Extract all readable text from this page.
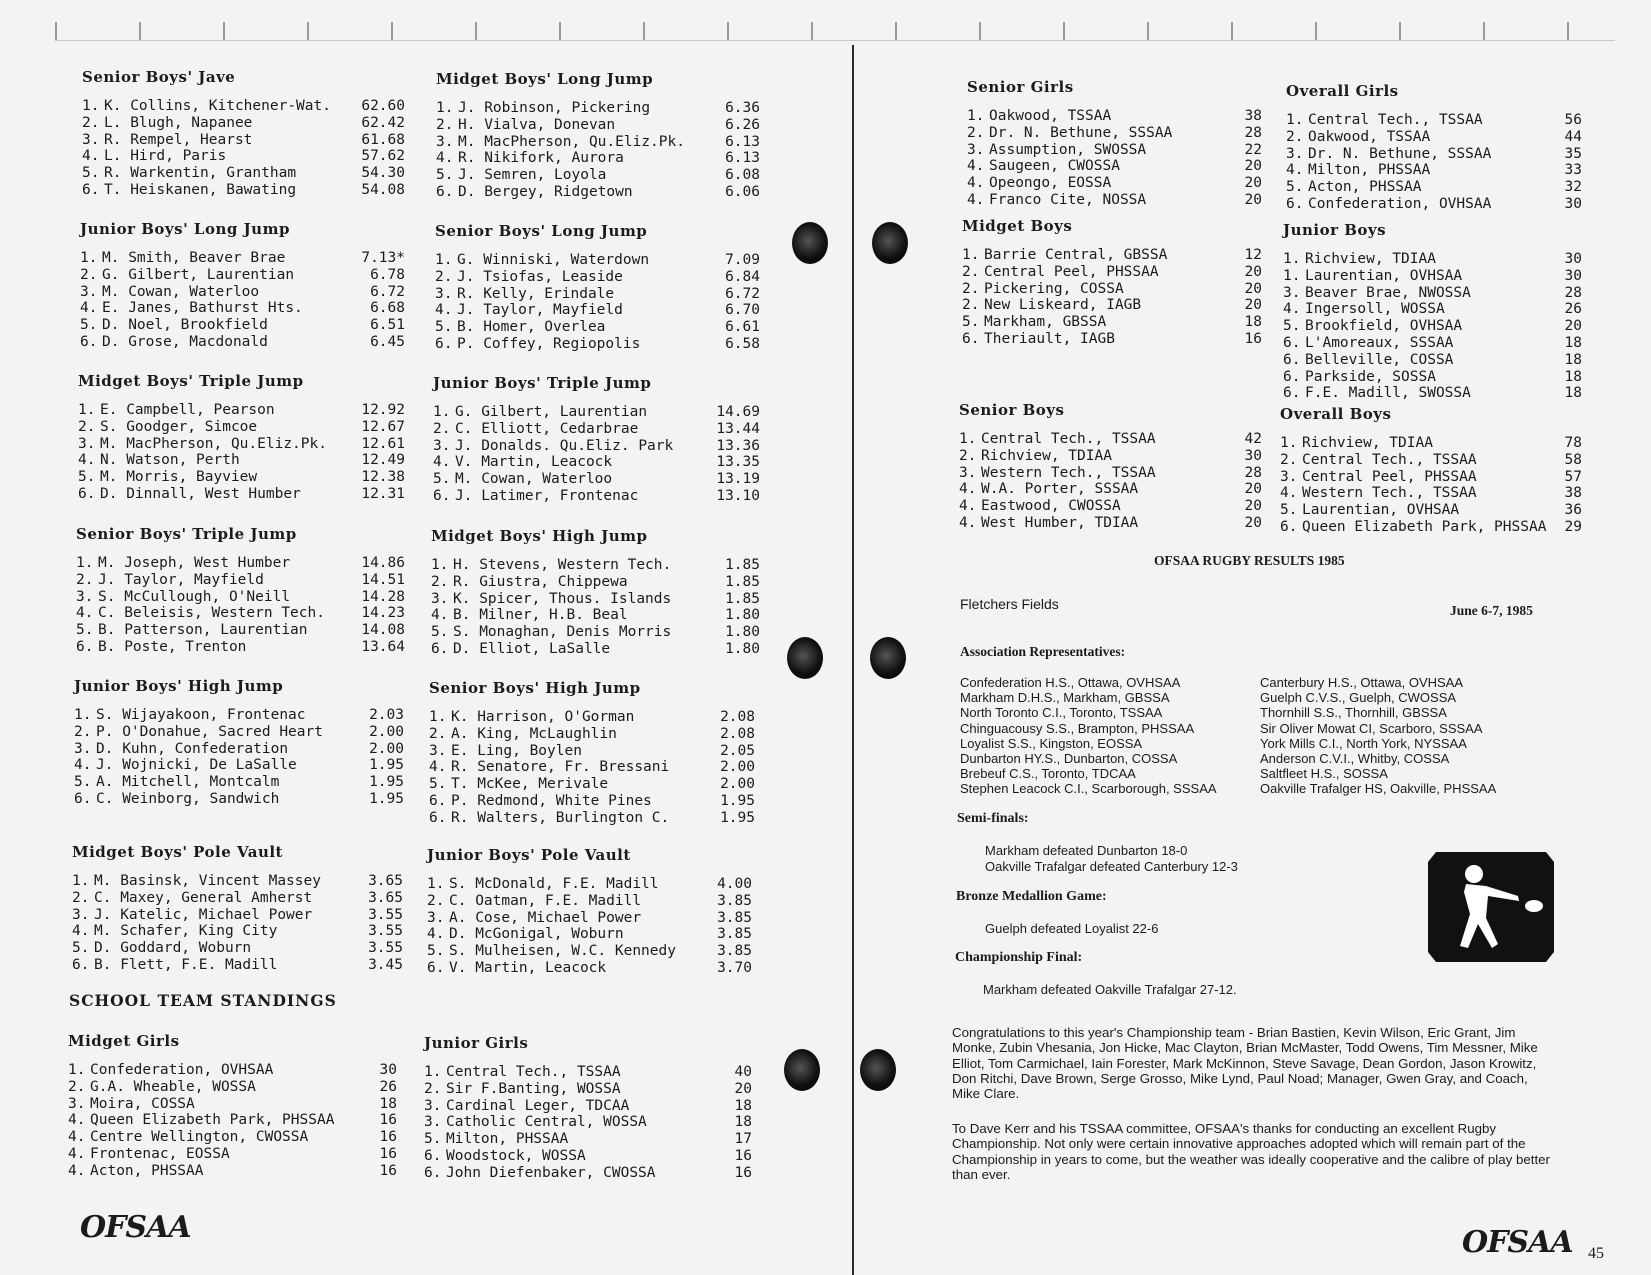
Senior Boys' Jave
1. K. Collins, Kitchener-Wat.	62.60
2. L. Blugh, Napanee	62.42
3. R. Rempel, Hearst	61.68
4. L. Hird, Paris	57.62
5. R. Warkentin, Grantham	54.30
6. T. Heiskanen, Bawating	54.08
Junior Boys' Long Jump
1. M. Smith, Beaver Brae	7.13*
2. G. Gilbert, Laurentian	6.78
3. M. Cowan, Waterloo	6.72
4. E. Janes, Bathurst Hts.	6.68
5. D. Noel, Brookfield	6.51
6. D. Grose, Macdonald	6.45
Midget Boys' Triple Jump
1. E. Campbell, Pearson	12.92
2. S. Goodger, Simcoe	12.67
3. M. MacPherson, Qu.Eliz.Pk.	12.61
4. N. Watson, Perth	12.49
5. M. Morris, Bayview	12.38
6. D. Dinnall, West Humber	12.31
Senior Boys' Triple Jump
1. M. Joseph, West Humber	14.86
2. J. Taylor, Mayfield	14.51
3. S. McCullough, O'Neill	14.28
4. C. Beleisis, Western Tech.	14.23
5. B. Patterson, Laurentian	14.08
6. B. Poste, Trenton	13.64
Junior Boys' High Jump
1. S. Wijayakoon, Frontenac	2.03
2. P. O'Donahue, Sacred Heart	2.00
3. D. Kuhn, Confederation	2.00
4. J. Wojnicki, De LaSalle	1.95
5. A. Mitchell, Montcalm	1.95
6. C. Weinborg, Sandwich	1.95
Midget Boys' Pole Vault
1. M. Basinsk, Vincent Massey	3.65
2. C. Maxey, General Amherst	3.65
3. J. Katelic, Michael Power	3.55
4. M. Schafer, King City	3.55
5. D. Goddard, Woburn	3.55
6. B. Flett, F.E. Madill	3.45
Midget Girls
1. Confederation, OVHSAA	30
2. G.A. Wheable, WOSSA	26
3. Moira, COSSA	18
4. Queen Elizabeth Park, PHSSAA	16
4. Centre Wellington, CWOSSA	16
4. Frontenac, EOSSA	16
4. Acton, PHSSAA	16
Midget Boys' Long Jump
1. J. Robinson, Pickering	6.36
2. H. Vialva, Donevan	6.26
3. M. MacPherson, Qu.Eliz.Pk.	6.13
4. R. Nikifork, Aurora	6.13
5. J. Semren, Loyola	6.08
6. D. Bergey, Ridgetown	6.06
Senior Boys' Long Jump
1. G. Winniski, Waterdown	7.09
2. J. Tsiofas, Leaside	6.84
3. R. Kelly, Erindale	6.72
4. J. Taylor, Mayfield	6.70
5. B. Homer, Overlea	6.61
6. P. Coffey, Regiopolis	6.58
Junior Boys' Triple Jump
1. G. Gilbert, Laurentian	14.69
2. C. Elliott, Cedarbrae	13.44
3. J. Donalds. Qu.Eliz. Park	13.36
4. V. Martin, Leacock	13.35
5. M. Cowan, Waterloo	13.19
6. J. Latimer, Frontenac	13.10
Midget Boys' High Jump
1. H. Stevens, Western Tech.	1.85
2. R. Giustra, Chippewa	1.85
3. K. Spicer, Thous. Islands	1.85
4. B. Milner, H.B. Beal	1.80
5. S. Monaghan, Denis Morris	1.80
6. D. Elliot, LaSalle	1.80
Senior Boys' High Jump
1. K. Harrison, O'Gorman	2.08
2. A. King, McLaughlin	2.08
3. E. Ling, Boylen	2.05
4. R. Senatore, Fr. Bressani	2.00
5. T. McKee, Merivale	2.00
6. P. Redmond, White Pines	1.95
6. R. Walters, Burlington C.	1.95
Junior Boys' Pole Vault
1. S. McDonald, F.E. Madill	4.00
2. C. Oatman, F.E. Madill	3.85
3. A. Cose, Michael Power	3.85
4. D. McGonigal, Woburn	3.85
5. S. Mulheisen, W.C. Kennedy	3.85
6. V. Martin, Leacock	3.70
Junior Girls
1. Central Tech., TSSAA	40
2. Sir F.Banting, WOSSA	20
3. Cardinal Leger, TDCAA	18
3. Catholic Central, WOSSA	18
5. Milton, PHSSAA	17
6. Woodstock, WOSSA	16
6. John Diefenbaker, CWOSSA	16
Senior Girls
1. Oakwood, TSSAA	38
2. Dr. N. Bethune, SSSAA	28
3. Assumption, SWOSSA	22
4. Saugeen, CWOSSA	20
4. Opeongo, EOSSA	20
4. Franco Cite, NOSSA	20
Overall Girls
1. Central Tech., TSSAA	56
2. Oakwood, TSSAA	44
3. Dr. N. Bethune, SSSAA	35
4. Milton, PHSSAA	33
5. Acton, PHSSAA	32
6. Confederation, OVHSAA	30
Midget Boys
1. Barrie Central, GBSSA	12
2. Central Peel, PHSSAA	20
2. Pickering, COSSA	20
2. New Liskeard, IAGB	20
5. Markham, GBSSA	18
6. Theriault, IAGB	16
Junior Boys
1. Richview, TDIAA	30
1. Laurentian, OVHSAA	30
3. Beaver Brae, NWOSSA	28
4. Ingersoll, WOSSA	26
5. Brookfield, OVHSAA	20
6. L'Amoreaux, SSSAA	18
6. Belleville, COSSA	18
6. Parkside, SOSSA	18
6. F.E. Madill, SWOSSA	18
Senior Boys
1. Central Tech., TSSAA	42
2. Richview, TDIAA	30
3. Western Tech., TSSAA	28
4. W.A. Porter, SSSAA	20
4. Eastwood, CWOSSA	20
4. West Humber, TDIAA	20
Overall Boys
1. Richview, TDIAA	78
2. Central Tech., TSSAA	58
3. Central Peel, PHSSAA	57
4. Western Tech., TSSAA	38
5. Laurentian, OVHSAA	36
6. Queen Elizabeth Park, PHSSAA	29
SCHOOL TEAM STANDINGS
OFSAA RUGBY RESULTS 1985
Fletchers Fields	June 6-7, 1985
Association Representatives:
Confederation H.S., Ottawa, OVHSAA
Markham D.H.S., Markham, GBSSA
North Toronto C.I., Toronto, TSSAA
Chinguacousy S.S., Brampton, PHSSAA
Loyalist S.S., Kingston, EOSSA
Dunbarton HY.S., Dunbarton, COSSA
Brebeuf C.S., Toronto, TDCAA
Stephen Leacock C.I., Scarborough, SSSAA
Canterbury H.S., Ottawa, OVHSAA
Guelph C.V.S., Guelph, CWOSSA
Thornhill S.S., Thornhill, GBSSA
Sir Oliver Mowat CI, Scarboro, SSSAA
York Mills C.I., North York, NYSSAA
Anderson C.V.I., Whitby, COSSA
Saltfleet H.S., SOSSA
Oakville Trafalger HS, Oakville, PHSSAA
Semi-finals:
Markham defeated Dunbarton 18-0
Oakville Trafalgar defeated Canterbury 12-3
Bronze Medallion Game:
Guelph defeated Loyalist 22-6
Championship Final:
Markham defeated Oakville Trafalgar 27-12.
Congratulations to this year's Championship team - Brian Bastien, Kevin Wilson, Eric Grant, Jim Monke, Zubin Vhesania, Jon Hicke, Mac Clayton, Brian McMaster, Todd Owens, Tim Messner, Mike Elliot, Tom Carmichael, Iain Forester, Mark McKinnon, Steve Savage, Dean Gordon, Jason Krowitz, Don Ritchi, Dave Brown, Serge Grosso, Mike Lynd, Paul Noad; Manager, Gwen Gray, and Coach, Mike Clare.
To Dave Kerr and his TSSAA committee, OFSAA's thanks for conducting an excellent Rugby Championship. Not only were certain innovative approaches adopted which will remain part of the Championship in years to come, but the weather was ideally cooperative and the calibre of play better than ever.
OFSAA	OFSAA 45
